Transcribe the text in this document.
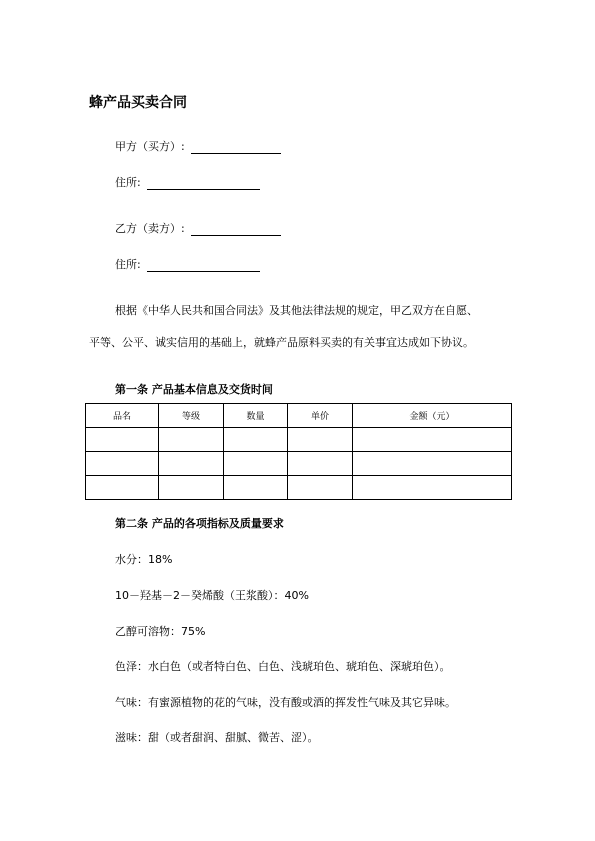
蜂产品买卖合同
甲方（买方）:
住所:
乙方（卖方）:
住所:
根据《中华人民共和国合同法》及其他法律法规的规定，甲乙双方在自愿、
平等、公平、诚实信用的基础上，就蜂产品原料买卖的有关事宜达成如下协议。
第一条 产品基本信息及交货时间
品名	等级	数量	单价	金额（元）

第二条 产品的各项指标及质量要求
水分：18%
10－羟基－2－癸烯酸（王浆酸）：40%
乙醇可溶物：75%
色泽：水白色（或者特白色、白色、浅琥珀色、琥珀色、深琥珀色）。
气味：有蜜源植物的花的气味，没有酸或酒的挥发性气味及其它异味。
滋味：甜（或者甜润、甜腻、微苦、涩）。
